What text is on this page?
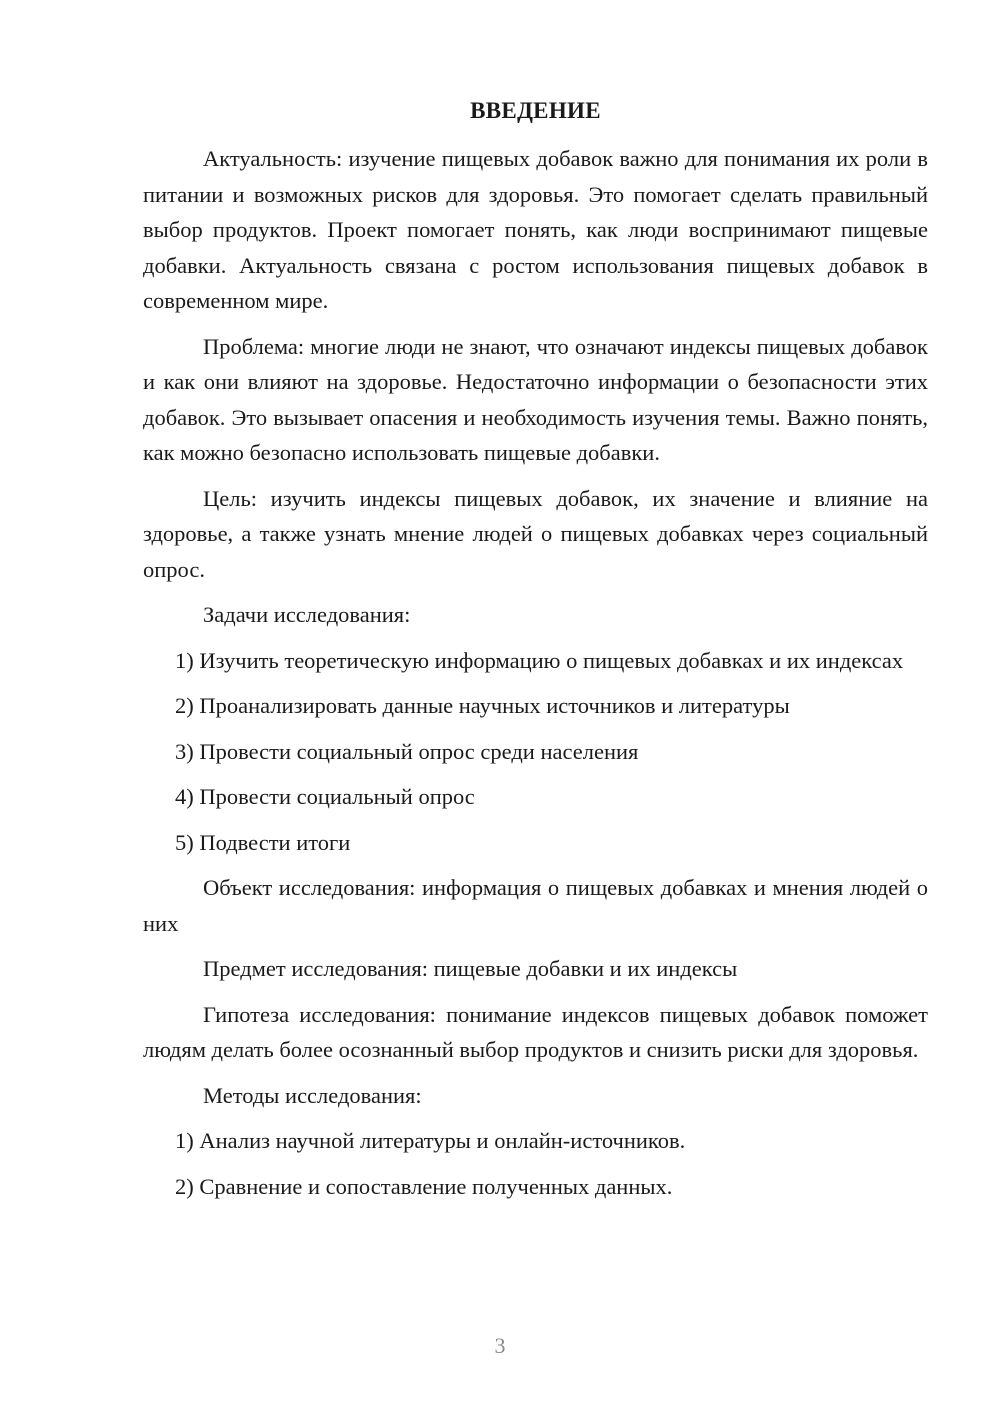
ВВЕДЕНИЕ

Актуальность: изучение пищевых добавок важно для понимания их роли в питании и возможных рисков для здоровья. Это помогает сделать правильный выбор продуктов. Проект помогает понять, как люди воспринимают пищевые добавки. Актуальность связана с ростом использования пищевых добавок в современном мире.

Проблема: многие люди не знают, что означают индексы пищевых добавок и как они влияют на здоровье. Недостаточно информации о безопасности этих добавок. Это вызывает опасения и необходимость изучения темы. Важно понять, как можно безопасно использовать пищевые добавки.

Цель: изучить индексы пищевых добавок, их значение и влияние на здоровье, а также узнать мнение людей о пищевых добавках через социальный опрос.

Задачи исследования:

1) Изучить теоретическую информацию о пищевых добавках и их индексах

2) Проанализировать данные научных источников и литературы

3) Провести социальный опрос среди населения

4) Провести социальный опрос

5) Подвести итоги

Объект исследования: информация о пищевых добавках и мнения людей о них

Предмет исследования: пищевые добавки и их индексы

Гипотеза исследования: понимание индексов пищевых добавок поможет людям делать более осознанный выбор продуктов и снизить риски для здоровья.

Методы исследования:

1) Анализ научной литературы и онлайн-источников.

2) Сравнение и сопоставление полученных данных.

3
